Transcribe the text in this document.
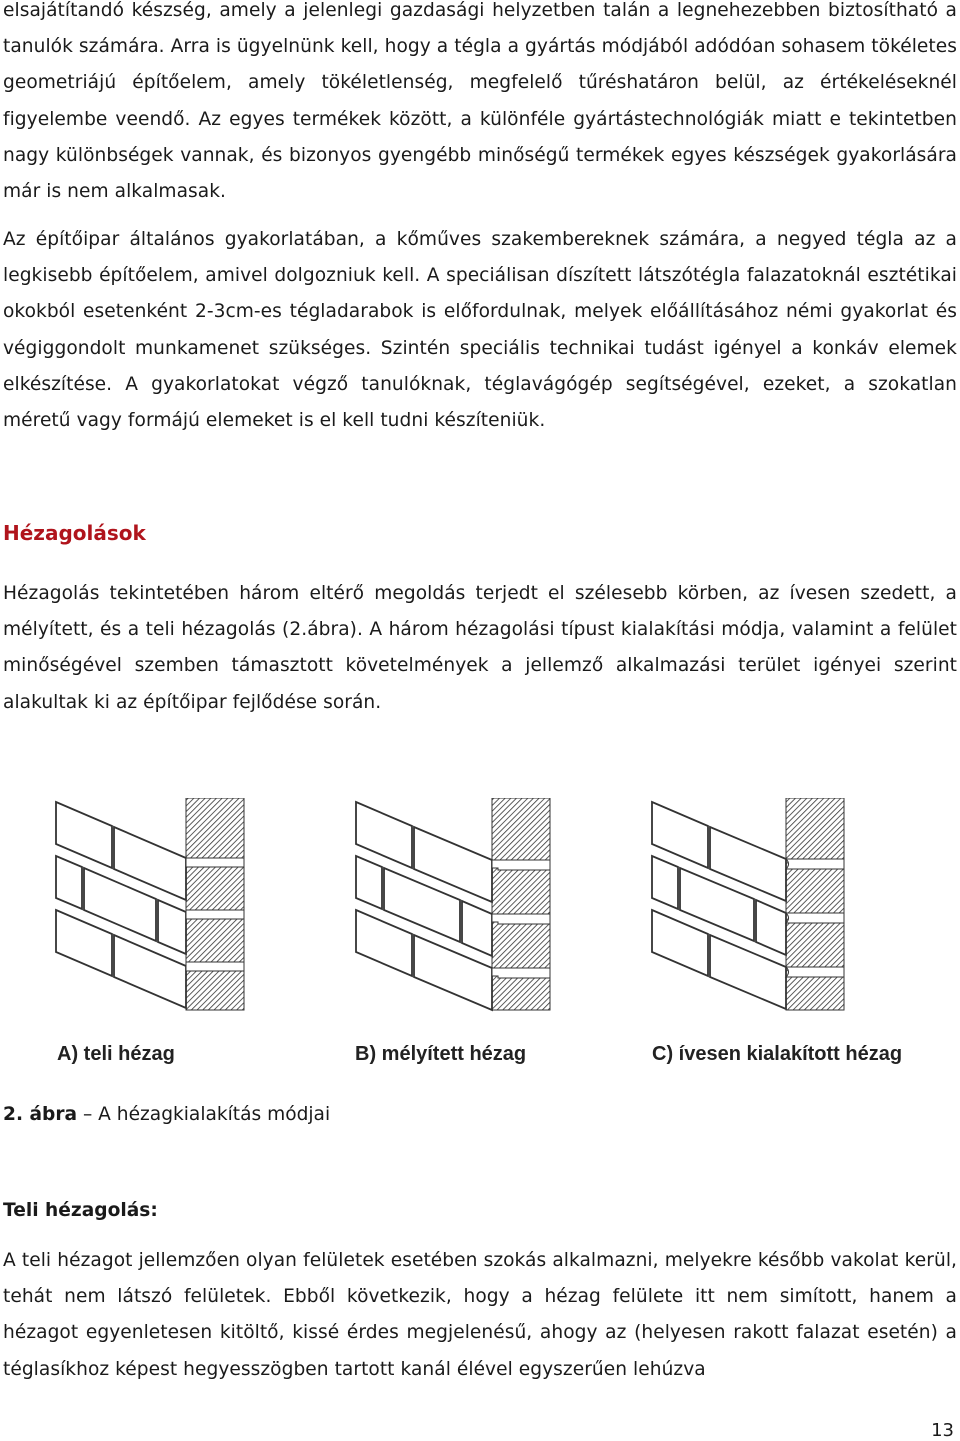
elsajátítandó készség, amely a jelenlegi gazdasági helyzetben talán a legnehezebben biztosítható a tanulók számára. Arra is ügyelnünk kell, hogy a tégla a gyártás módjából adódóan sohasem tökéletes geometriájú építőelem, amely tökéletlenség, megfelelő tűréshatáron belül, az értékeléseknél figyelembe veendő. Az egyes termékek között, a különféle gyártástechnológiák miatt e tekintetben nagy különbségek vannak, és bizonyos gyengébb minőségű termékek egyes készségek gyakorlására már is nem alkalmasak.

Az építőipar általános gyakorlatában, a kőműves szakembereknek számára, a negyed tégla az a legkisebb építőelem, amivel dolgozniuk kell. A speciálisan díszített látszótégla falazatoknál esztétikai okokból esetenként 2-3cm-es tégladarabok is előfordulnak, melyek előállításához némi gyakorlat és végiggondolt munkamenet szükséges. Szintén speciális technikai tudást igényel a konkáv elemek elkészítése. A gyakorlatokat végző tanulóknak, téglavágógép segítségével, ezeket, a szokatlan méretű vagy formájú elemeket is el kell tudni készíteniük.

Hézagolások

Hézagolás tekintetében három eltérő megoldás terjedt el szélesebb körben, az ívesen szedett, a mélyített, és a teli hézagolás (2.ábra). A három hézagolási típust kialakítási módja, valamint a felület minőségével szemben támasztott követelmények a jellemző alkalmazási terület igényei szerint alakultak ki az építőipar fejlődése során.

A) teli hézag	B) mélyített hézag	C) ívesen kialakított hézag

2. ábra – A hézagkialakítás módjai

Teli hézagolás:

A teli hézagot jellemzően olyan felületek esetében szokás alkalmazni, melyekre később vakolat kerül, tehát nem látszó felületek. Ebből következik, hogy a hézag felülete itt nem simított, hanem a hézagot egyenletesen kitöltő, kissé érdes megjelenésű, ahogy az (helyesen rakott falazat esetén) a téglasíkhoz képest hegyesszögben tartott kanál élével egyszerűen lehúzva

13
